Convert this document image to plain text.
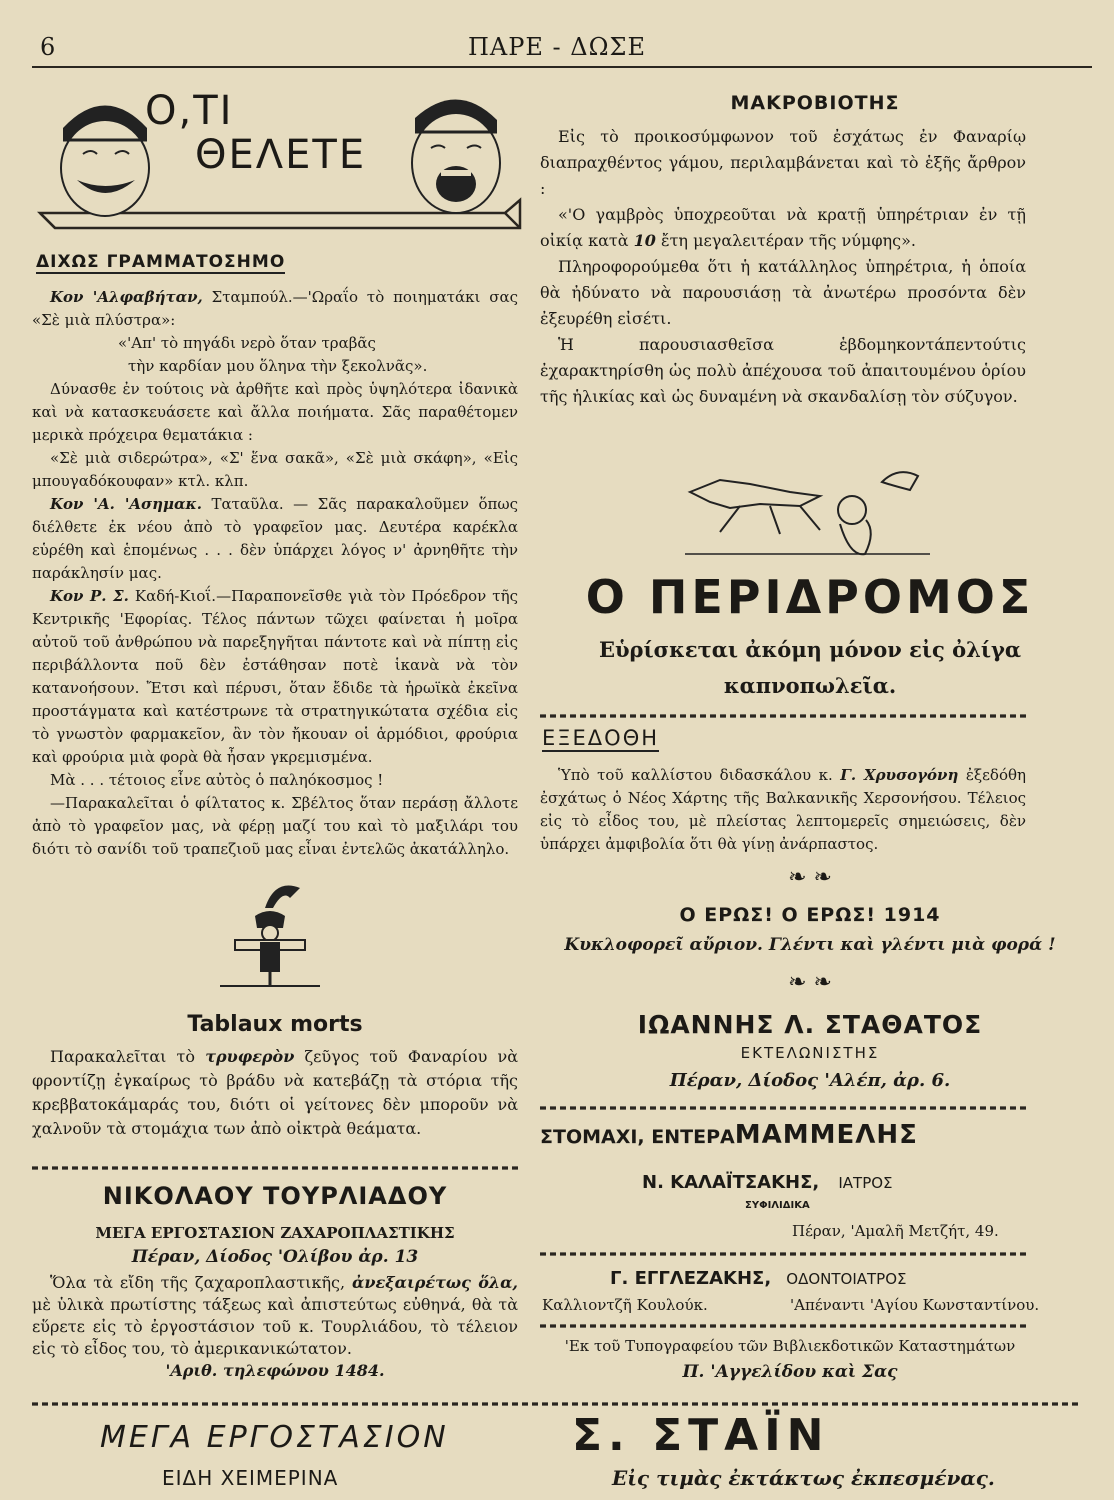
6	ΠΑΡΕ - ΔΩΣΕ
Ο,ΤΙ
ΘΕΛΕΤΕ
ΔΙΧΩΣ ΓΡΑΜΜΑΤΟΣΗΜΟ

Κον 'Αλφαβήταν, Σταμπούλ.—'Ωραΐο τὸ ποιηματάκι σας «Σὲ μιὰ πλύστρα»:

«'Απ' τὸ πηγάδι νερὸ ὅταν τραβᾶς

τὴν καρδίαν μου ὅληνα τὴν ξεκολνᾶς».

Δύνασθε ἐν τούτοις νὰ ἀρθῆτε καὶ πρὸς ὑψηλότερα ἰδανικὰ καὶ νὰ κατασκευάσετε καὶ ἄλλα ποιήματα. Σᾶς παραθέτομεν μερικὰ πρόχειρα θεματάκια :

«Σὲ μιὰ σιδερώτρα», «Σ' ἕνα σακᾶ», «Σὲ μιὰ σκάφη», «Εἰς μπουγαδόκουφαν» κτλ. κλπ.

Κον 'Α. 'Ασημακ. Ταταῦλα. — Σᾶς παρακαλοῦμεν ὅπως διέλθετε ἐκ νέου ἀπὸ τὸ γραφεῖον μας. Δευτέρα καρέκλα εὑρέθη καὶ ἑπομένως . . . δὲν ὑπάρχει λόγος ν' ἀρνηθῆτε τὴν παράκλησίν μας.

Κον Ρ. Σ. Καδή-Κιοΐ.—Παραπονεῖσθε γιὰ τὸν Πρόεδρον τῆς Κεντρικῆς 'Εφορίας. Τέλος πάντων τῶχει φαίνεται ἡ μοῖρα αὐτοῦ τοῦ ἀνθρώπου νὰ παρεξηγῆται πάντοτε καὶ νὰ πίπτῃ εἰς περιβάλλοντα ποῦ δὲν ἐστάθησαν ποτὲ ἱκανὰ νὰ τὸν κατανοήσουν. Ἔτσι καὶ πέρυσι, ὅταν ἔδιδε τὰ ἡρωϊκὰ ἐκεῖνα προστάγματα καὶ κατέστρωνε τὰ στρατηγικώτατα σχέδια εἰς τὸ γνωστὸν φαρμακεῖον, ἂν τὸν ἤκουαν οἱ ἁρμόδιοι, φρούρια καὶ φρούρια μιὰ φορὰ θὰ ἦσαν γκρεμισμένα.

Μὰ . . . τέτοιος εἶνε αὐτὸς ὁ παληόκοσμος !

—Παρακαλεῖται ὁ φίλτατος κ. Σβέλτος ὅταν περάσῃ ἄλλοτε ἀπὸ τὸ γραφεῖον μας, νὰ φέρῃ μαζί του καὶ τὸ μαξιλάρι του διότι τὸ σανίδι τοῦ τραπεζιοῦ μας εἶναι ἐντελῶς ἀκατάλληλο.

Tablaux morts

Παρακαλεῖται τὸ τρυφερὸν ζεῦγος τοῦ Φαναρίου νὰ φροντίζῃ ἐγκαίρως τὸ βράδυ νὰ κατεβάζῃ τὰ στόρια τῆς κρεββατοκάμαράς του, διότι οἱ γείτονες δὲν μποροῦν νὰ χαλνοῦν τὰ στομάχια των ἀπὸ οἰκτρὰ θεάματα.

ΝΙΚΟΛΑΟΥ ΤΟΥΡΛΙΑΔΟΥ
ΜΕΓΑ ΕΡΓΟΣΤΑΣΙΟΝ ΖΑΧΑΡΟΠΛΑΣΤΙΚΗΣ
Πέραν, Δίοδος 'Ολίβου ἀρ. 13

Ὅλα τὰ εἴδη τῆς ζαχαροπλαστικῆς, ἀνεξαιρέτως ὅλα, μὲ ὑλικὰ πρωτίστης τάξεως καὶ ἀπιστεύτως εὐθηνά, θὰ τὰ εὕρετε εἰς τὸ ἐργοστάσιον τοῦ κ. Τουρλιάδου, τὸ τέλειον εἰς τὸ εἶδος του, τὸ ἀμερικανικώτατον.

'Αριθ. τηλεφώνου 1484.

ΜΑΚΡΟΒΙΟΤΗΣ

Εἰς τὸ προικοσύμφωνον τοῦ ἐσχάτως ἐν Φαναρίῳ διαπραχθέντος γάμου, περιλαμβάνεται καὶ τὸ ἑξῆς ἄρθρον :

«'Ο γαμβρὸς ὑποχρεοῦται νὰ κρατῇ ὑπηρέτριαν ἐν τῇ οἰκίᾳ κατὰ 10 ἔτη μεγαλειτέραν τῆς νύμφης».

Πληροφορούμεθα ὅτι ἡ κατάλληλος ὑπηρέτρια, ἡ ὁποία θὰ ἠδύνατο νὰ παρουσιάσῃ τὰ ἀνωτέρω προσόντα δὲν ἐξευρέθη εἰσέτι.

Ἡ παρουσιασθεῖσα ἑβδομηκοντάπεντούτις ἐχαρακτηρίσθη ὡς πολὺ ἀπέχουσα τοῦ ἀπαιτουμένου ὁρίου τῆς ἡλικίας καὶ ὡς δυναμένη νὰ σκανδαλίσῃ τὸν σύζυγον.

Ο ΠΕΡΙΔΡΟΜΟΣ
Εὑρίσκεται ἀκόμη μόνον εἰς ὀλίγα καπνοπωλεῖα.
ΕΞΕΔΟΘΗ

Ὑπὸ τοῦ καλλίστου διδασκάλου κ. Γ. Χρυσογόνη ἐξεδόθη ἐσχάτως ὁ Νέος Χάρτης τῆς Βαλκανικῆς Χερσονήσου. Τέλειος εἰς τὸ εἶδος του, μὲ πλείστας λεπτομερεῖς σημειώσεις, δὲν ὑπάρχει ἀμφιβολία ὅτι θὰ γίνῃ ἀνάρπαστος.

❧ ❧
Ο ΕΡΩΣ! Ο ΕΡΩΣ! 1914
Κυκλοφορεῖ αὔριον. Γλέντι καὶ γλέντι μιὰ φορά !
❧ ❧
ΙΩΑΝΝΗΣ Λ. ΣΤΑΘΑΤΟΣ
ΕΚΤΕΛΩΝΙΣΤΗΣ
Πέραν, Δίοδος 'Αλέπ, ἀρ. 6.
ΣΤΟΜΑΧΙ, ΕΝΤΕΡΑΜΑΜΜΕΛΗΣ
Ν. ΚΑΛΑΪΤΣΑΚΗΣ, ΙΑΤΡΟΣ
ΣΥΦΙΛΙΔΙΚΑ
Πέραν, 'Αμαλῆ Μετζήτ, 49.
Γ. ΕΓΓΛΕΖΑΚΗΣ, ΟΔΟΝΤΟΙΑΤΡΟΣ
Καλλιοντζῆ Κουλούκ.	'Απέναντι 'Αγίου Κωνσταντίνου.
'Εκ τοῦ Τυπογραφείου τῶν Βιβλιεκδοτικῶν Καταστημάτων
Π. 'Αγγελίδου καὶ Σας
ΜΕΓΑ ΕΡΓΟΣΤΑΣΙΟΝ	Σ. ΣΤΑΪΝ
ΕΙΔΗ ΧΕΙΜΕΡΙΝΑ	Εἰς τιμὰς ἐκτάκτως ἐκπεσμένας.
